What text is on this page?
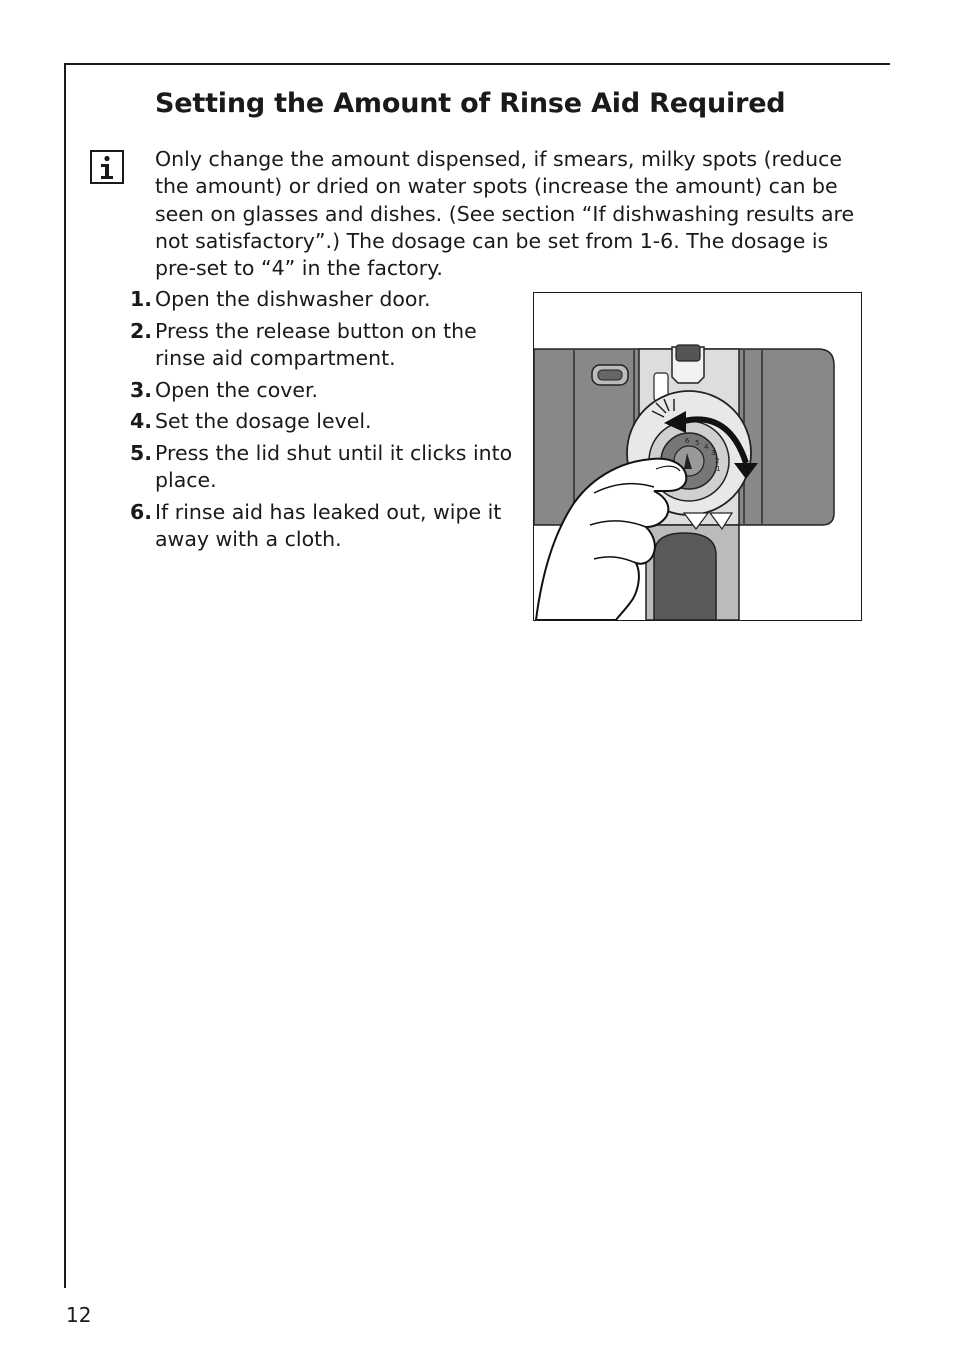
Setting the Amount of Rinse Aid Required

Only change the amount dispensed, if smears, milky spots (reduce the amount) or dried on water spots (increase the amount) can be seen on glasses and dishes. (See section “If dishwashing results are not satisfactory”.) The dosage can be set from 1-6. The dosage is pre-set to “4” in the factory.

1. Open the dishwasher door.
2. Press the release button on the rinse aid compartment.
3. Open the cover.
4. Set the dosage level.
5. Press the lid shut until it clicks into place.
6. If rinse aid has leaked out, wipe it away with a cloth.
6 5 4
3
2
1
12
